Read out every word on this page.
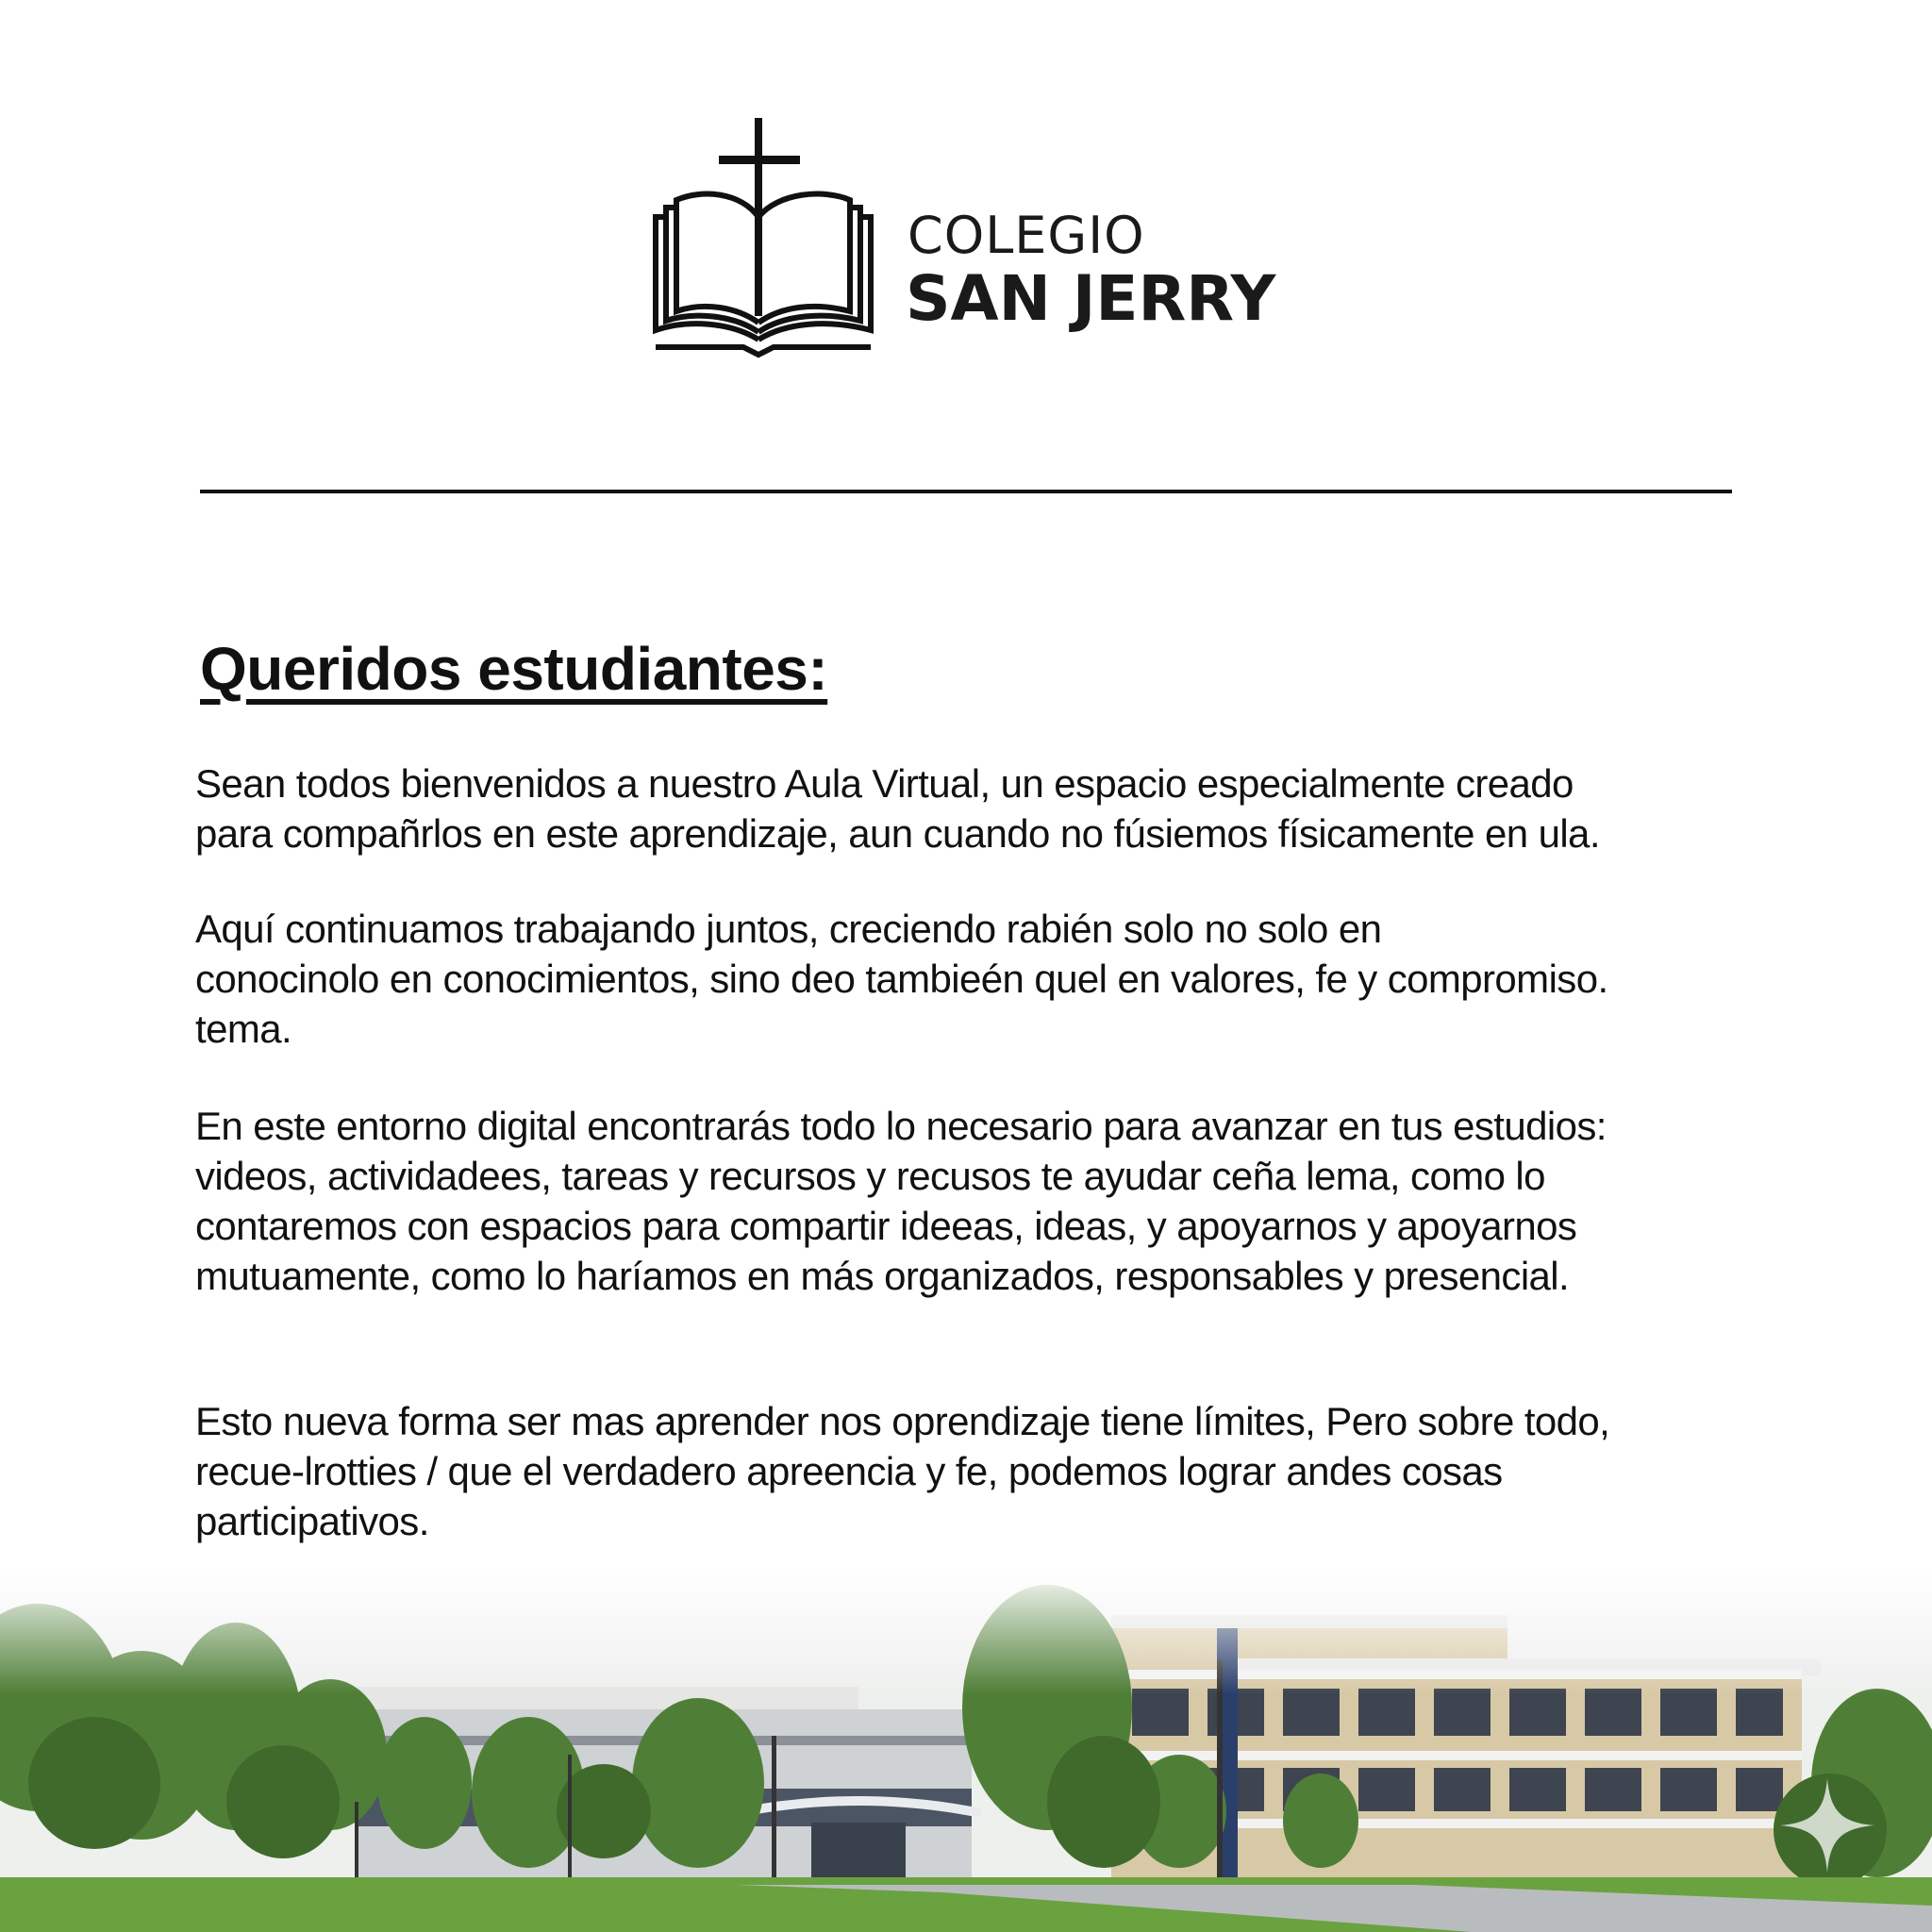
COLEGIO
SAN JERRY
Queridos estudiantes:

Sean todos bienvenidos a nuestro Aula Virtual, un espacio especialmente creado
para compañrlos en este aprendizaje, aun cuando no fúsiemos físicamente en ula.

Aquí continuamos trabajando juntos, creciendo rabién solo no solo en
conocinolo en conocimientos, sino deo tambieén quel en valores, fe y compromiso.
tema.

En este entorno digital encontrarás todo lo necesario para avanzar en tus estudios:
videos, actividadees, tareas y recursos y recusos te ayudar ceña lema, como lo
contaremos con espacios para compartir ideeas, ideas, y apoyarnos y apoyarnos
mutuamente, como lo haríamos en más organizados, responsables y presencial.

Esto nueva forma ser mas aprender nos oprendizaje tiene límites, Pero sobre todo,
recue-lrotties / que el verdadero apreencia y fe, podemos lograr andes cosas
participativos.
